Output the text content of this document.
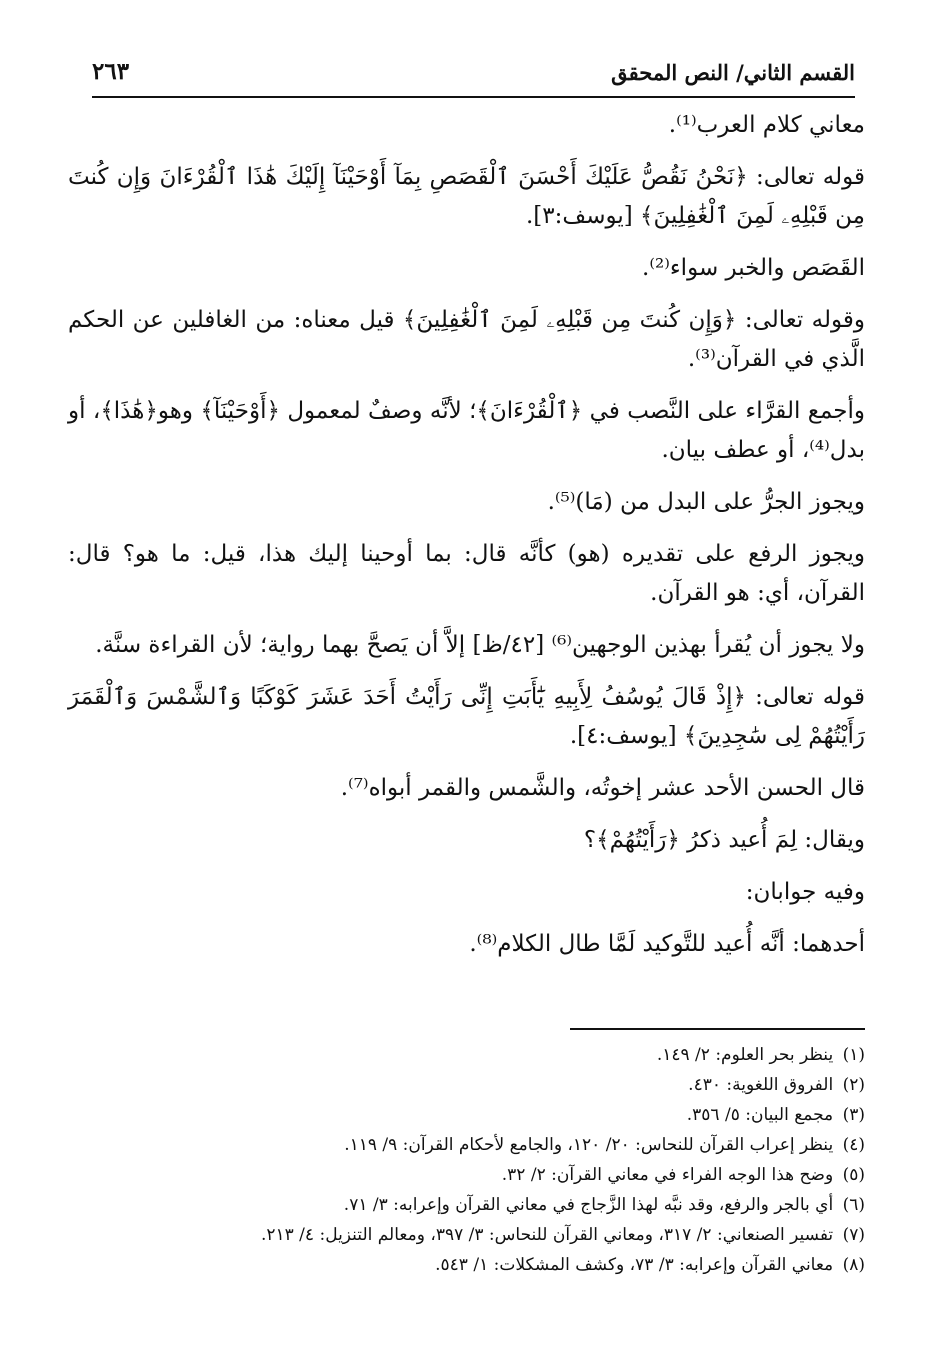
القسم الثاني/ النص المحقق
٢٦٣

معاني كلام العرب⁽¹⁾.

قوله تعالى: ﴿نَحْنُ نَقُصُّ عَلَيْكَ أَحْسَنَ ٱلْقَصَصِ بِمَآ أَوْحَيْنَآ إِلَيْكَ هَٰذَا ٱلْقُرْءَانَ وَإِن كُنتَ مِن قَبْلِهِۦ لَمِنَ ٱلْغَٰفِلِينَ﴾ [يوسف:٣].

القَصَص والخبر سواء⁽²⁾.

وقوله تعالى: ﴿وَإِن كُنتَ مِن قَبْلِهِۦ لَمِنَ ٱلْغَٰفِلِينَ﴾ قيل معناه: من الغافلين عن الحكم الَّذي في القرآن⁽³⁾.

وأجمع القرَّاء على النَّصب في ﴿ٱلْقُرْءَانَ﴾؛ لأنَّه وصفٌ لمعمول ﴿أَوْحَيْنَآ﴾ وهو﴿هَٰذَا﴾، أو بدل⁽⁴⁾، أو عطف بيان.

ويجوز الجرُّ على البدل من (مَا)⁽⁵⁾.

ويجوز الرفع على تقديره (هو) كأنَّه قال: بما أوحينا إليك هذا، قيل: ما هو؟ قال: القرآن، أي: هو القرآن.

ولا يجوز أن يُقرأ بهذين الوجهين⁽⁶⁾ [٤٢/ظ] إلاَّ أن يَصحَّ بهما رواية؛ لأن القراءة سنَّة.

قوله تعالى: ﴿إِذْ قَالَ يُوسُفُ لِأَبِيهِ يَٰٓأَبَتِ إِنِّى رَأَيْتُ أَحَدَ عَشَرَ كَوْكَبًا وَٱلشَّمْسَ وَٱلْقَمَرَ رَأَيْتُهُمْ لِى سَٰجِدِينَ﴾ [يوسف:٤].

قال الحسن الأحد عشر إخوتُه، والشَّمس والقمر أبواه⁽⁷⁾.

ويقال: لِمَ أُعيد ذكرُ ﴿رَأَيْتُهُمْ﴾؟

وفيه جوابان:

أحدهما: أنَّه أُعيد للتَّوكيد لَمَّا طال الكلام⁽⁸⁾.

(١) ينظر بحر العلوم: ٢/ ١٤٩.

(٢) الفروق اللغوية: ٤٣٠.

(٣) مجمع البيان: ٥/ ٣٥٦.

(٤) ينظر إعراب القرآن للنحاس: ٢٠/ ١٢٠، والجامع لأحكام القرآن: ٩/ ١١٩.

(٥) وضح هذا الوجه الفراء في معاني القرآن: ٢/ ٣٢.

(٦) أي بالجر والرفع، وقد نبَّه لهذا الزَّجاج في معاني القرآن وإعرابه: ٣/ ٧١.

(٧) تفسير الصنعاني: ٢/ ٣١٧، ومعاني القرآن للنحاس: ٣/ ٣٩٧، ومعالم التنزيل: ٤/ ٢١٣.

(٨) معاني القرآن وإعرابه: ٣/ ٧٣، وكشف المشكلات: ١/ ٥٤٣.
